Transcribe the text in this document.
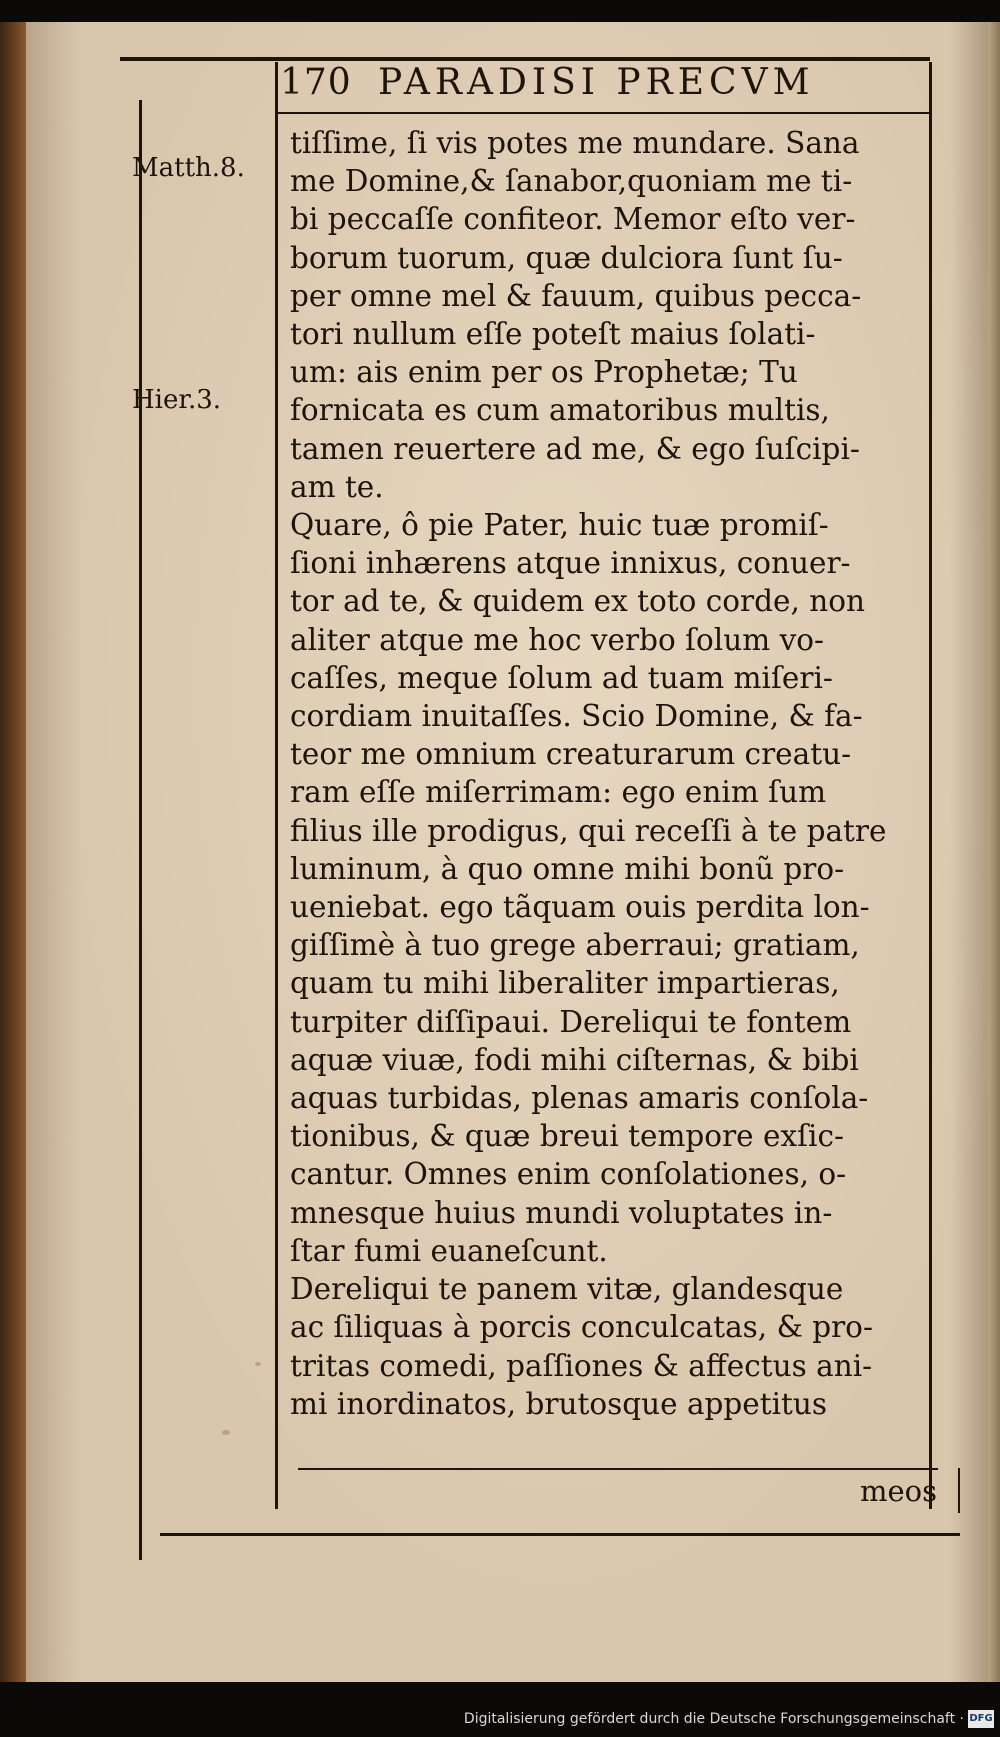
170 PARADISI PRECVM
Matth.8.
Hier.3.
tiſſime, ſi vis potes me mundare. Sana
me Domine,& ſanabor,quoniam me ti-
bi peccaſſe confiteor. Memor eſto ver-
borum tuorum, quæ dulciora ſunt ſu-
per omne mel & fauum, quibus pecca-
tori nullum eſſe poteſt maius ſolati-
um: ais enim per os Prophetæ; Tu
fornicata es cum amatoribus multis,
tamen reuertere ad me, & ego ſuſcipi-
am te.
Quare, ô pie Pater, huic tuæ promiſ-
ſioni inhærens atque innixus, conuer-
tor ad te, & quidem ex toto corde, non
aliter atque me hoc verbo ſolum vo-
caſſes, meque ſolum ad tuam miſeri-
cordiam inuitaſſes. Scio Domine, & fa-
teor me omnium creaturarum creatu-
ram eſſe miſerrimam: ego enim ſum
filius ille prodigus, qui receſſi à te patre
luminum, à quo omne mihi bonũ pro-
ueniebat. ego tãquam ouis perdita lon-
giſſimè à tuo grege aberraui; gratiam,
quam tu mihi liberaliter impartieras,
turpiter diſſipaui. Dereliqui te fontem
aquæ viuæ, fodi mihi ciſternas, & bibi
aquas turbidas, plenas amaris conſola-
tionibus, & quæ breui tempore exſic-
cantur. Omnes enim conſolationes, o-
mnesque huius mundi voluptates in-
ſtar fumi euaneſcunt.
Dereliqui te panem vitæ, glandesque
ac ſiliquas à porcis conculcatas, & pro-
tritas comedi, paſſiones & affectus ani-
mi inordinatos, brutosque appetitus
meos
Digitalisierung gefördert durch die Deutsche Forschungsgemeinschaft · DFG
